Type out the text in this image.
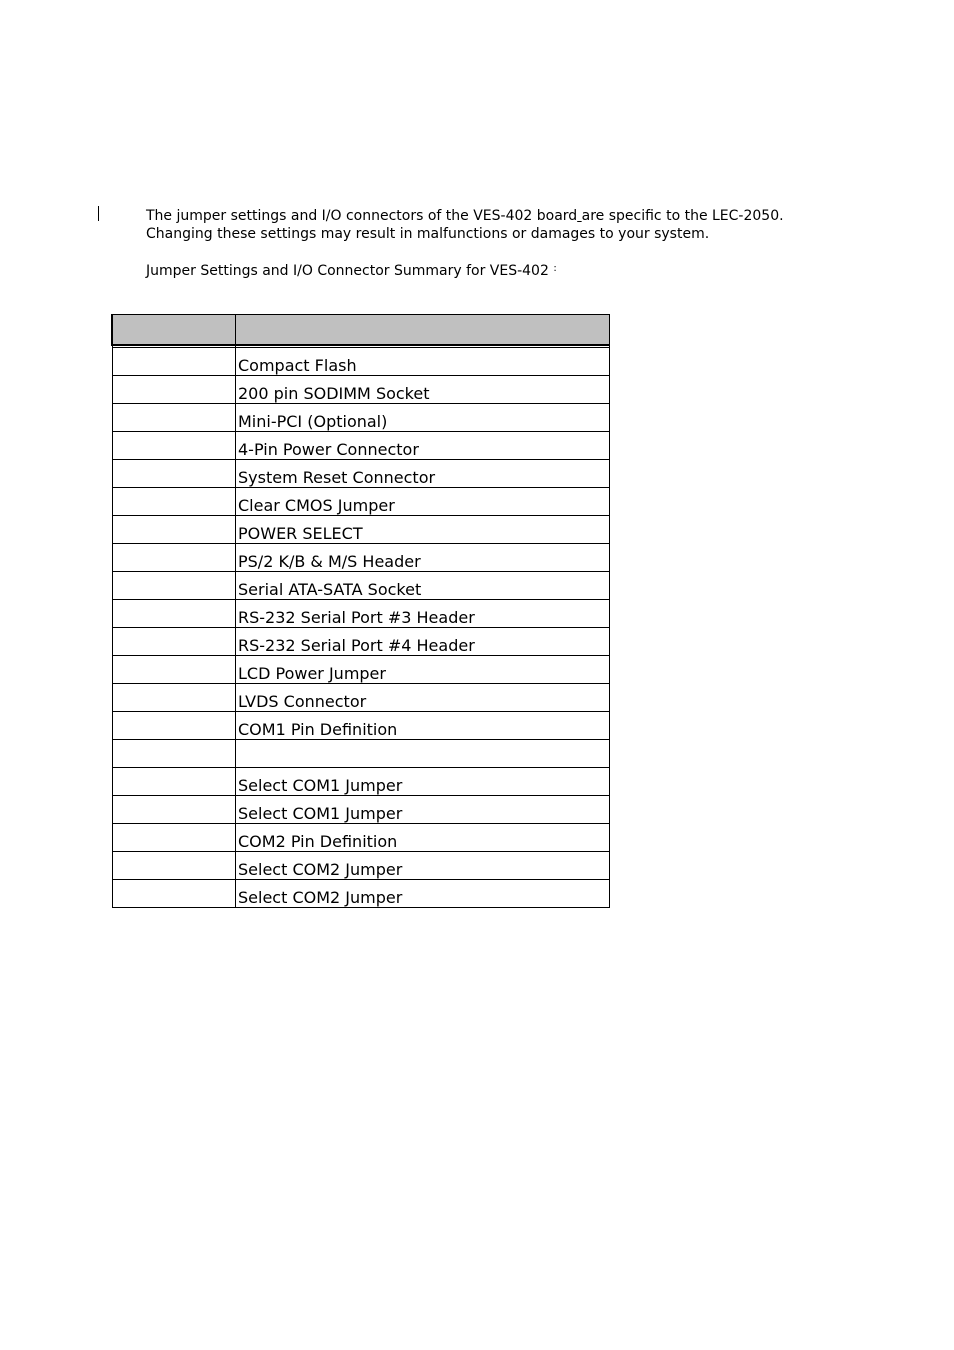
The jumper settings and I/O connectors of the VES-402 board are specific to the LEC-2050.

Changing these settings may result in malfunctions or damages to your system.

Jumper Settings and I/O Connector Summary for VES-402 :

	Compact Flash
	200 pin SODIMM Socket
	Mini-PCI (Optional)
	4-Pin Power Connector
	System Reset Connector
	Clear CMOS Jumper
	POWER SELECT
	PS/2 K/B & M/S Header
	Serial ATA-SATA Socket
	RS-232 Serial Port #3 Header
	RS-232 Serial Port #4 Header
	LCD Power Jumper
	LVDS Connector
	COM1 Pin Definition

	Select COM1 Jumper
	Select COM1 Jumper
	COM2 Pin Definition
	Select COM2 Jumper
	Select COM2 Jumper
